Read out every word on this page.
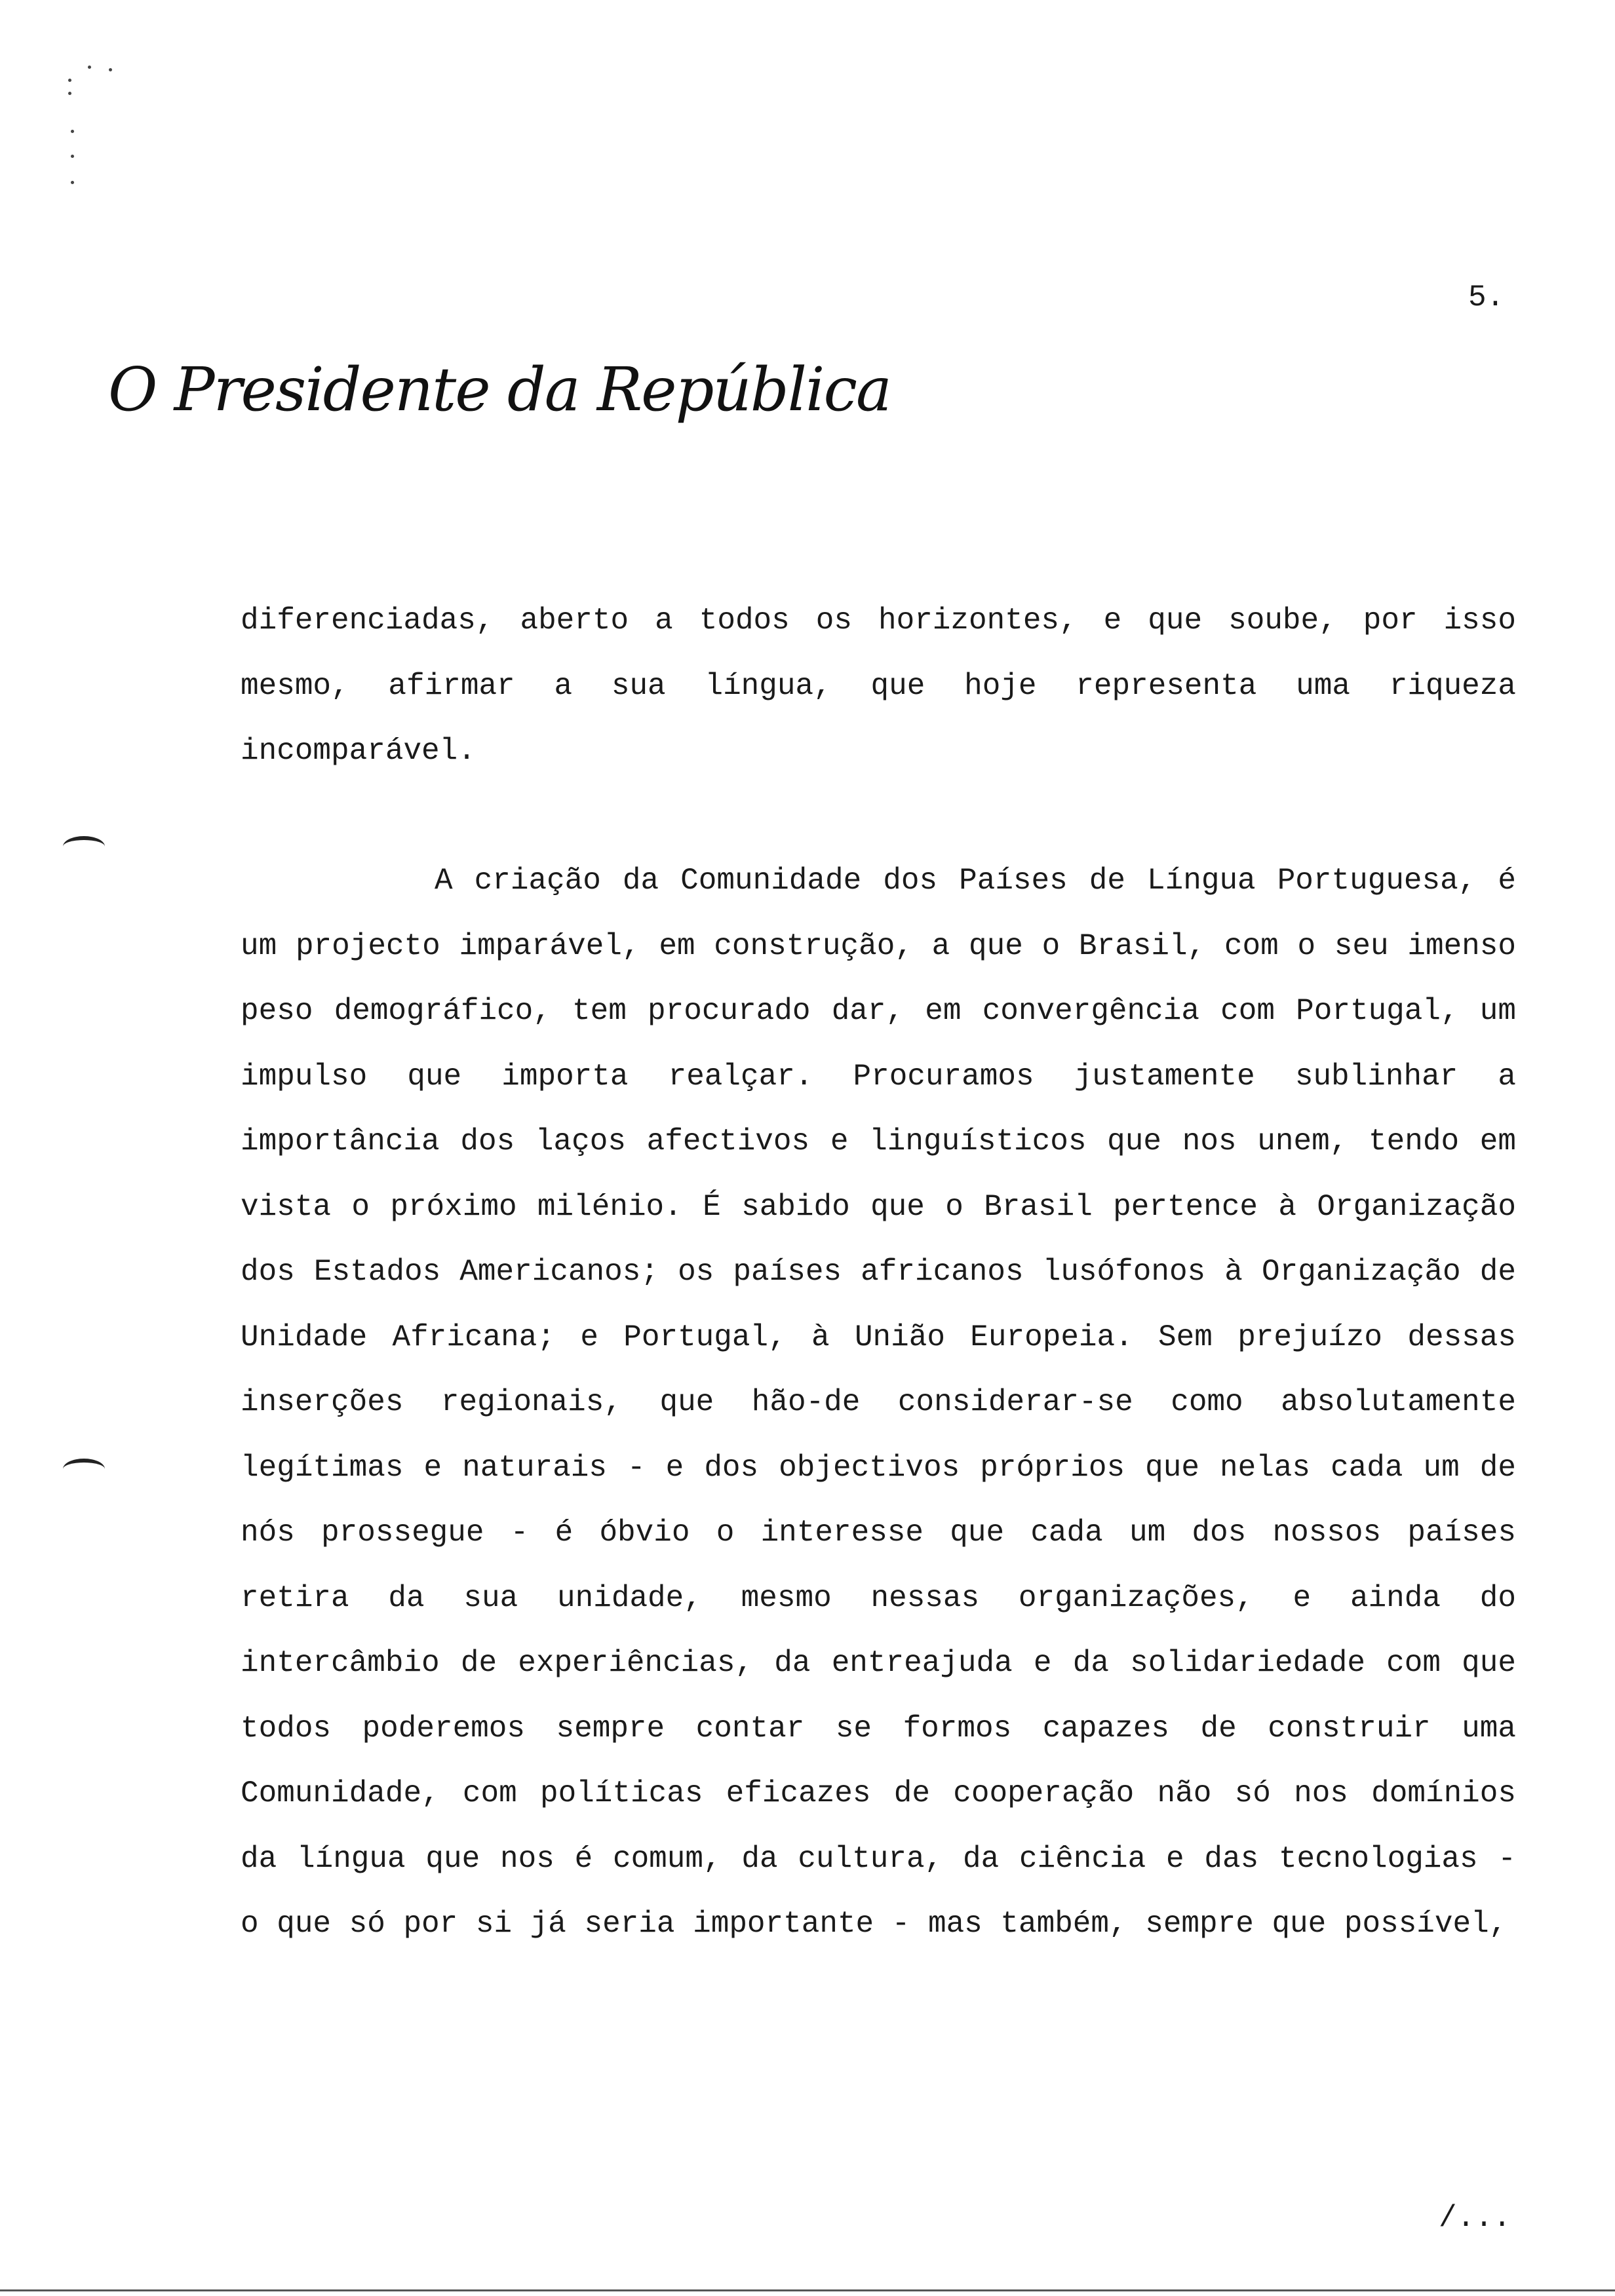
5.
O Presidente da República

diferenciadas, aberto a todos os horizontes, e que soube, por isso mesmo, afirmar a sua língua, que hoje representa uma riqueza incomparável.

A criação da Comunidade dos Países de Língua Portuguesa, é um projecto imparável, em construção, a que o Brasil, com o seu imenso peso demográfico, tem procurado dar, em convergência com Portugal, um impulso que importa realçar. Procuramos justamente sublinhar a importância dos laços afectivos e linguísticos que nos unem, tendo em vista o próximo milénio. É sabido que o Brasil pertence à Organização dos Estados Americanos; os países africanos lusófonos à Organização de Unidade Africana; e Portugal, à União Europeia. Sem prejuízo dessas inserções regionais, que hão-de considerar-se como absolutamente legítimas e naturais - e dos objectivos próprios que nelas cada um de nós prossegue - é óbvio o interesse que cada um dos nossos países retira da sua unidade, mesmo nessas organizações, e ainda do intercâmbio de experiências, da entreajuda e da solidariedade com que todos poderemos sempre contar se formos capazes de construir uma Comunidade, com políticas eficazes de cooperação não só nos domínios da língua que nos é comum, da cultura, da ciência e das tecnologias - o que só por si já seria importante - mas também, sempre que possível,

/...
